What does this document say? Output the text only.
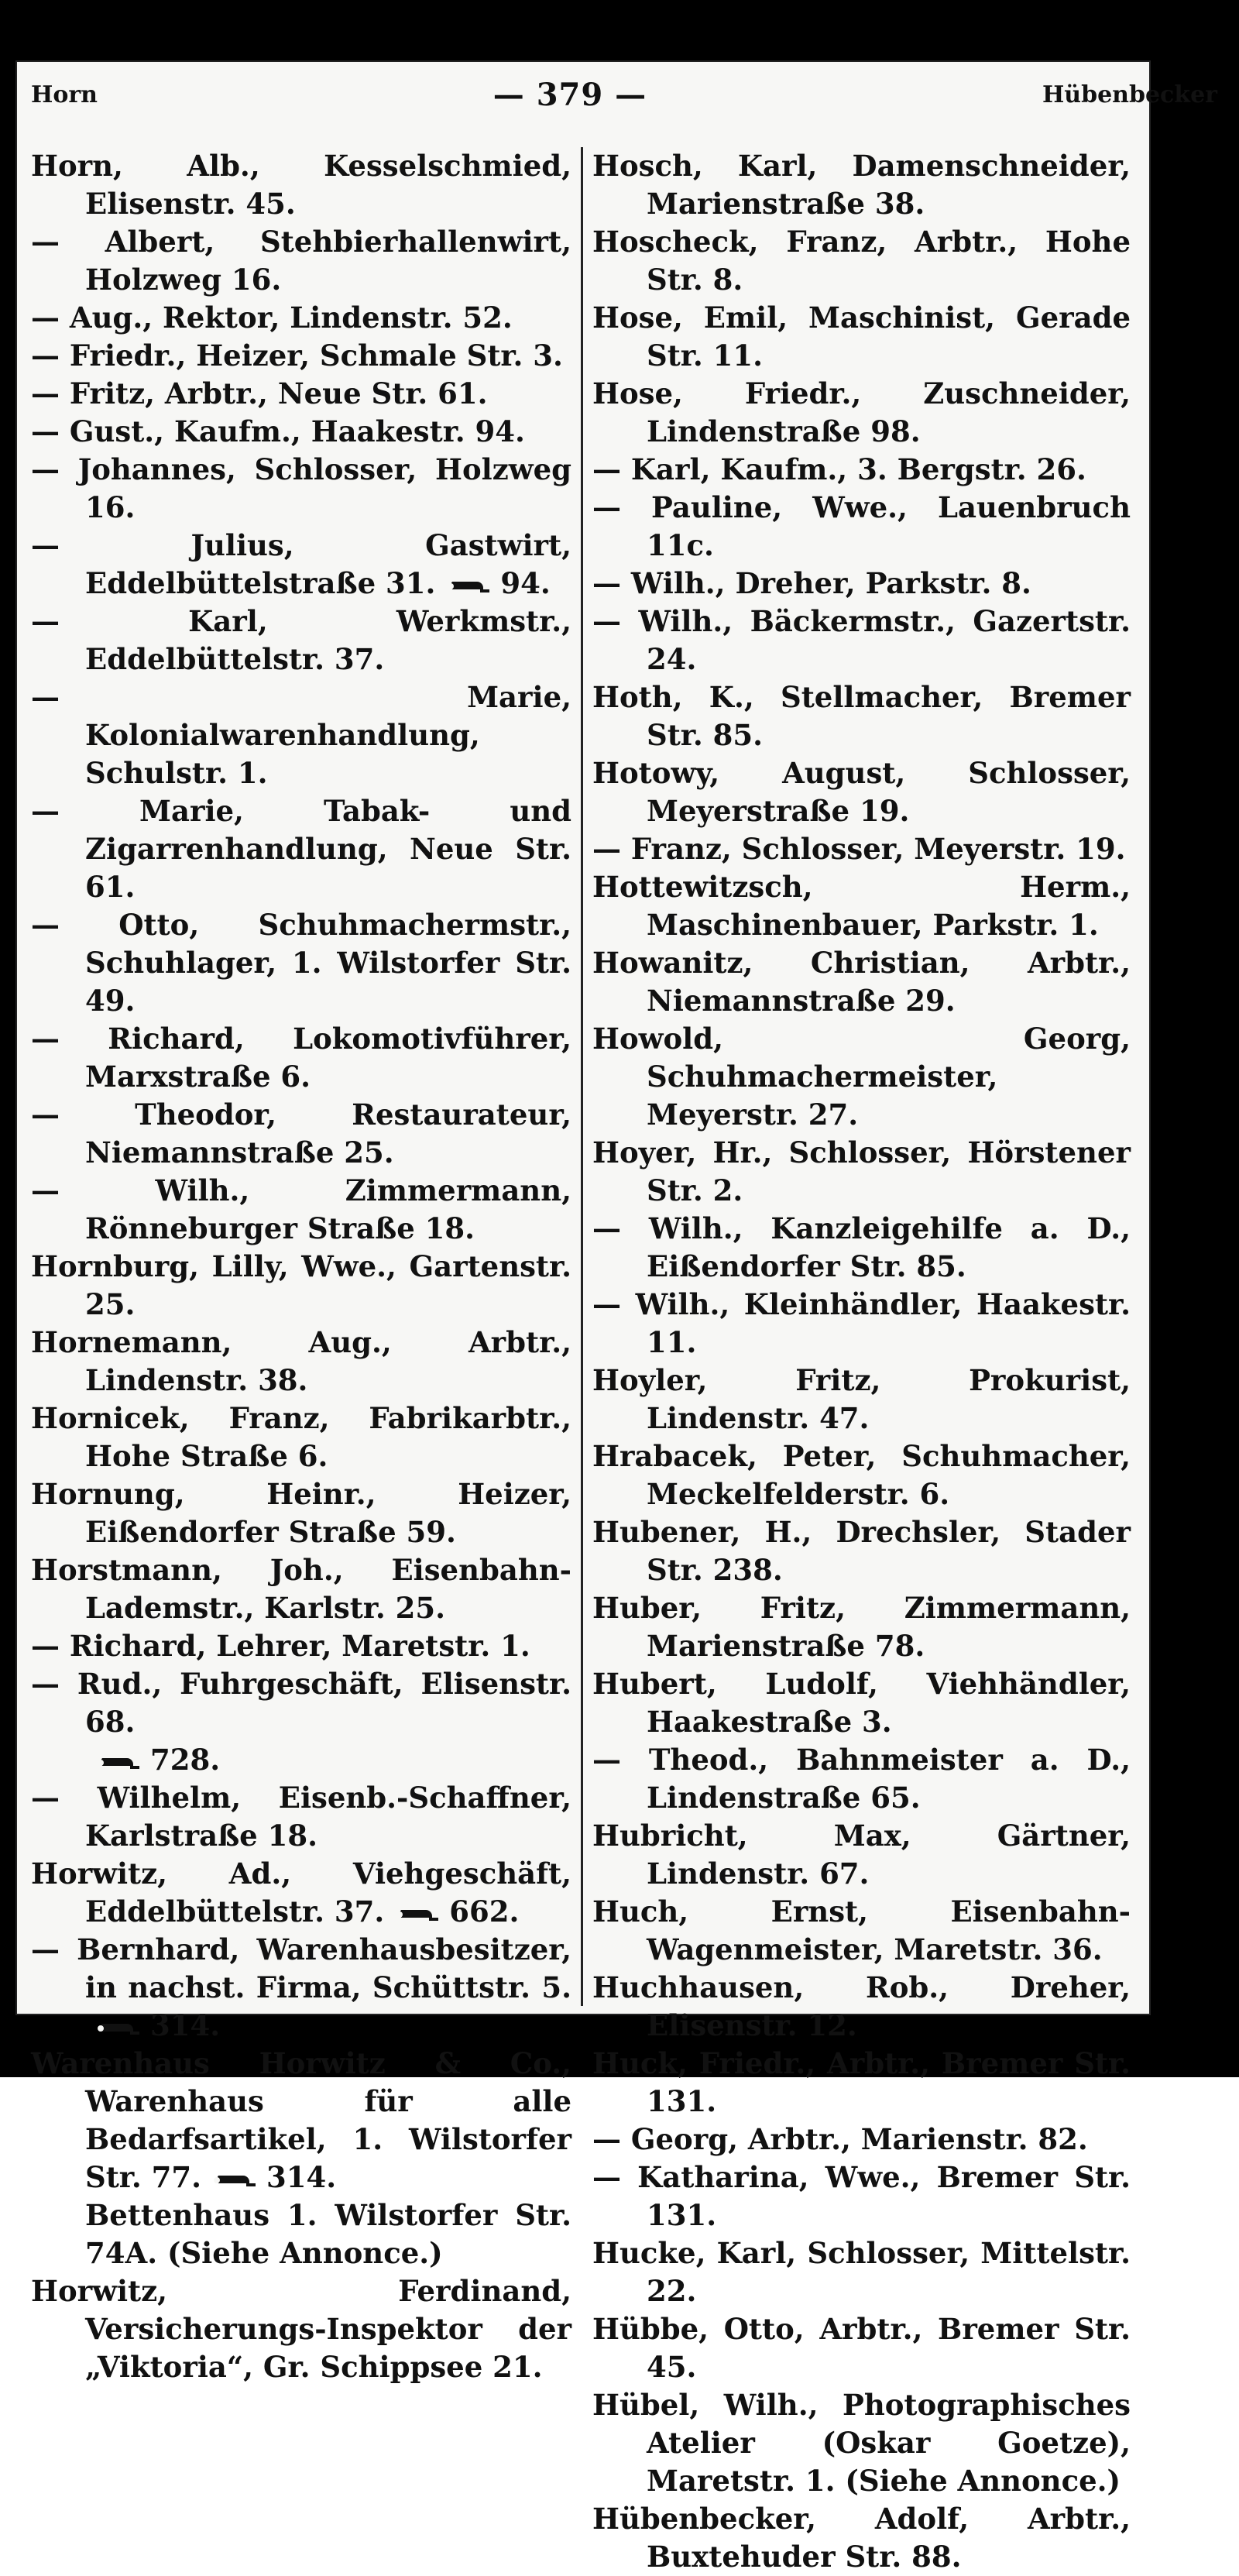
Horn	— 379 —	Hübenbecker

Horn, Alb., Kesselschmied, Elisenstr. 45.

— Albert, Stehbierhallenwirt, Holzweg 16.

— Aug., Rektor, Lindenstr. 52.

— Friedr., Heizer, Schmale Str. 3.

— Fritz, Arbtr., Neue Str. 61.

— Gust., Kaufm., Haakestr. 94.

— Johannes, Schlosser, Holzweg 16.

— Julius, Gastwirt, Eddelbüttelstraße 31. 94.

— Karl, Werkmstr., Eddelbüttelstr. 37.

— Marie, Kolonialwarenhandlung, Schulstr. 1.

— Marie, Tabak- und Zigarrenhandlung, Neue Str. 61.

— Otto, Schuhmachermstr., Schuhlager, 1. Wilstorfer Str. 49.

— Richard, Lokomotivführer, Marxstraße 6.

— Theodor, Restaurateur, Niemannstraße 25.

— Wilh., Zimmermann, Rönneburger Straße 18.

Hornburg, Lilly, Wwe., Gartenstr. 25.

Hornemann, Aug., Arbtr., Lindenstr. 38.

Hornicek, Franz, Fabrikarbtr., Hohe Straße 6.

Hornung, Heinr., Heizer, Eißendorfer Straße 59.

Horstmann, Joh., Eisenbahn-Lademstr., Karlstr. 25.

— Richard, Lehrer, Maretstr. 1.

— Rud., Fuhrgeschäft, Elisenstr. 68.
728.

— Wilhelm, Eisenb.-Schaffner, Karlstraße 18.

Horwitz, Ad., Viehgeschäft, Eddelbüttelstr. 37. 662.

— Bernhard, Warenhausbesitzer, in nachst. Firma, Schüttstr. 5.314.

Warenhaus Horwitz & Co., Warenhaus für alle Bedarfsartikel, 1. Wilstorfer Str. 77. 314.

Bettenhaus 1. Wilstorfer Str. 74A. (Siehe Annonce.)

Horwitz, Ferdinand, Versicherungs-Inspektor der „Viktoria“, Gr. Schippsee 21.

Hosch, Karl, Damenschneider, Marienstraße 38.

Hoscheck, Franz, Arbtr., Hohe Str. 8.

Hose, Emil, Maschinist, Gerade Str. 11.

Hose, Friedr., Zuschneider, Lindenstraße 98.

— Karl, Kaufm., 3. Bergstr. 26.

— Pauline, Wwe., Lauenbruch 11c.

— Wilh., Dreher, Parkstr. 8.

— Wilh., Bäckermstr., Gazertstr. 24.

Hoth, K., Stellmacher, Bremer Str. 85.

Hotowy, August, Schlosser, Meyerstraße 19.

— Franz, Schlosser, Meyerstr. 19.

Hottewitzsch, Herm., Maschinenbauer, Parkstr. 1.

Howanitz, Christian, Arbtr., Niemannstraße 29.

Howold, Georg, Schuhmachermeister, Meyerstr. 27.

Hoyer, Hr., Schlosser, Hörstener Str. 2.

— Wilh., Kanzleigehilfe a. D., Eißendorfer Str. 85.

— Wilh., Kleinhändler, Haakestr. 11.

Hoyler, Fritz, Prokurist, Lindenstr. 47.

Hrabacek, Peter, Schuhmacher, Meckelfelderstr. 6.

Hubener, H., Drechsler, Stader Str. 238.

Huber, Fritz, Zimmermann, Marienstraße 78.

Hubert, Ludolf, Viehhändler, Haakestraße 3.

— Theod., Bahnmeister a. D., Lindenstraße 65.

Hubricht, Max, Gärtner, Lindenstr. 67.

Huch, Ernst, Eisenbahn-Wagenmeister, Maretstr. 36.

Huchhausen, Rob., Dreher, Elisenstr. 12.

Huck, Friedr., Arbtr., Bremer Str. 131.

— Georg, Arbtr., Marienstr. 82.

— Katharina, Wwe., Bremer Str. 131.

Hucke, Karl, Schlosser, Mittelstr. 22.

Hübbe, Otto, Arbtr., Bremer Str. 45.

Hübel, Wilh., Photographisches Atelier (Oskar Goetze), Maretstr. 1. (Siehe Annonce.)

Hübenbecker, Adolf, Arbtr., Buxtehuder Str. 88.
